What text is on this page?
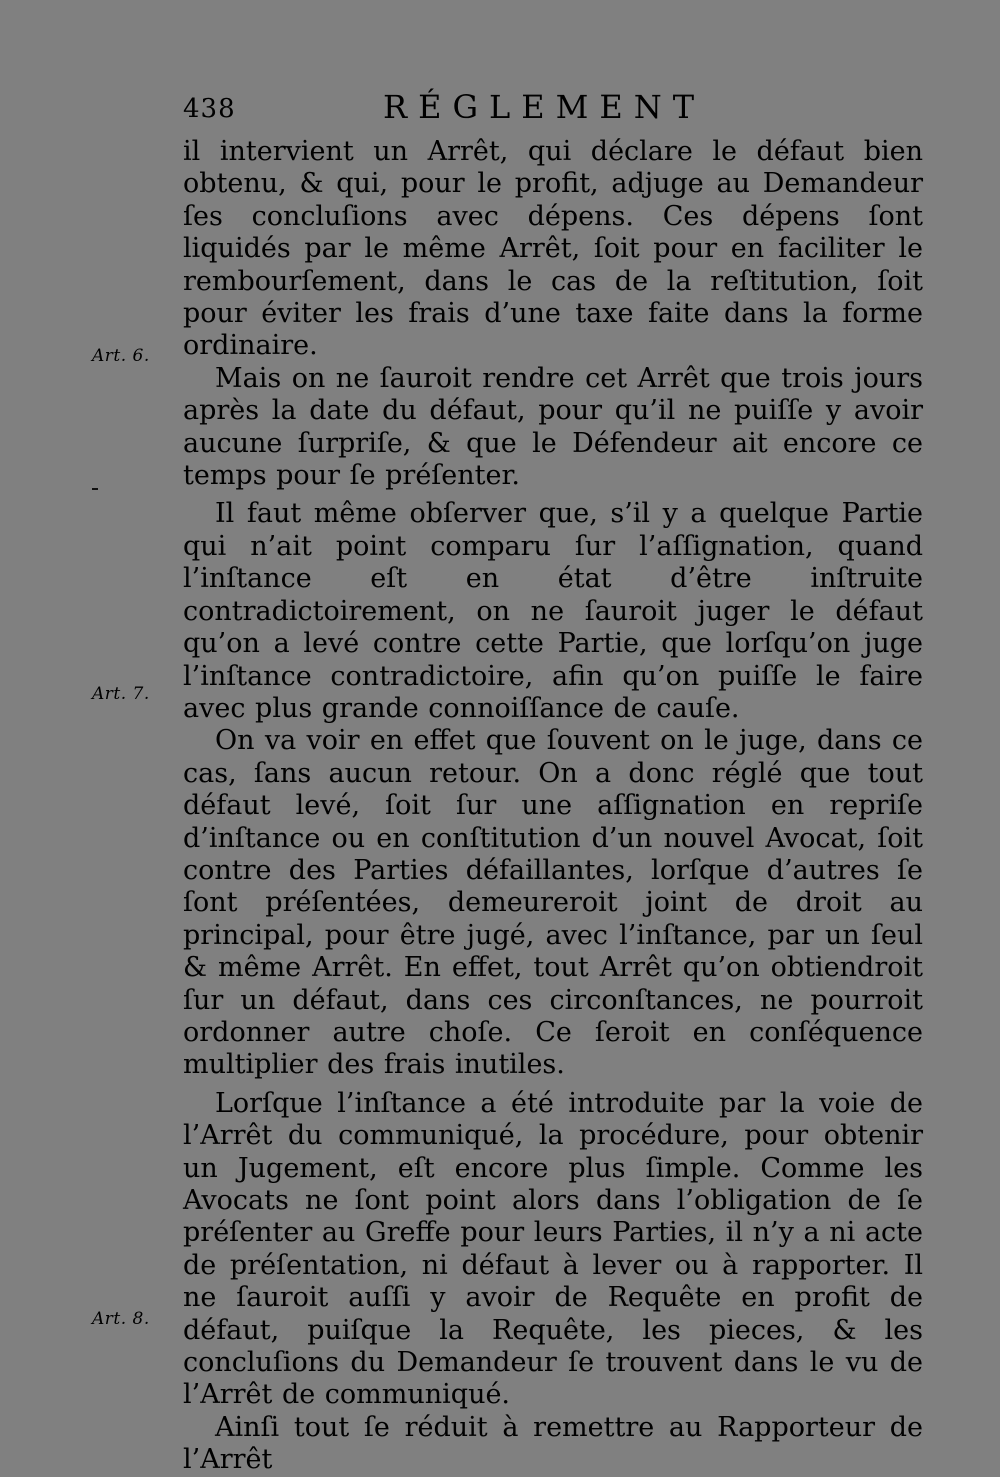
438	RÉGLEMENT
Art. 6.
Art. 7.
Art. 8.

il intervient un Arrêt, qui déclare le défaut bien obtenu, & qui, pour le profit, adjuge au Demandeur ſes concluſions avec dépens. Ces dépens ſont liquidés par le même Arrêt, ſoit pour en faciliter le rembourſement, dans le cas de la reſtitution, ſoit pour éviter les frais d’une taxe faite dans la forme ordinaire.

Mais on ne ſauroit rendre cet Arrêt que trois jours après la date du défaut, pour qu’il ne puiſſe y avoir aucune ſurpriſe, & que le Défendeur ait encore ce temps pour ſe préſenter.

Il faut même obſerver que, s’il y a quelque Partie qui n’ait point comparu ſur l’aſſignation, quand l’inſtance eſt en état d’être inſtruite contradictoirement, on ne ſauroit juger le défaut qu’on a levé contre cette Partie, que lorſqu’on juge l’inſtance contradictoire, afin qu’on puiſſe le faire avec plus grande connoiſſance de cauſe.

On va voir en effet que ſouvent on le juge, dans ce cas, ſans aucun retour. On a donc réglé que tout défaut levé, ſoit ſur une aſſignation en repriſe d’inſtance ou en conſtitution d’un nouvel Avocat, ſoit contre des Parties défaillantes, lorſque d’autres ſe ſont préſentées, demeureroit joint de droit au principal, pour être jugé, avec l’inſtance, par un ſeul & même Arrêt. En effet, tout Arrêt qu’on obtiendroit ſur un défaut, dans ces circonſtances, ne pourroit ordonner autre choſe. Ce ſeroit en conſéquence multiplier des frais inutiles.

Lorſque l’inſtance a été introduite par la voie de l’Arrêt du communiqué, la procédure, pour obtenir un Jugement, eſt encore plus ſimple. Comme les Avocats ne ſont point alors dans l’obligation de ſe préſenter au Greffe pour leurs Parties, il n’y a ni acte de préſentation, ni défaut à lever ou à rapporter. Il ne ſauroit auſſi y avoir de Requête en profit de défaut, puiſque la Requête, les pieces, & les concluſions du Demandeur ſe trouvent dans le vu de l’Arrêt de communiqué.

Ainſi tout ſe réduit à remettre au Rapporteur de l’Arrêt
